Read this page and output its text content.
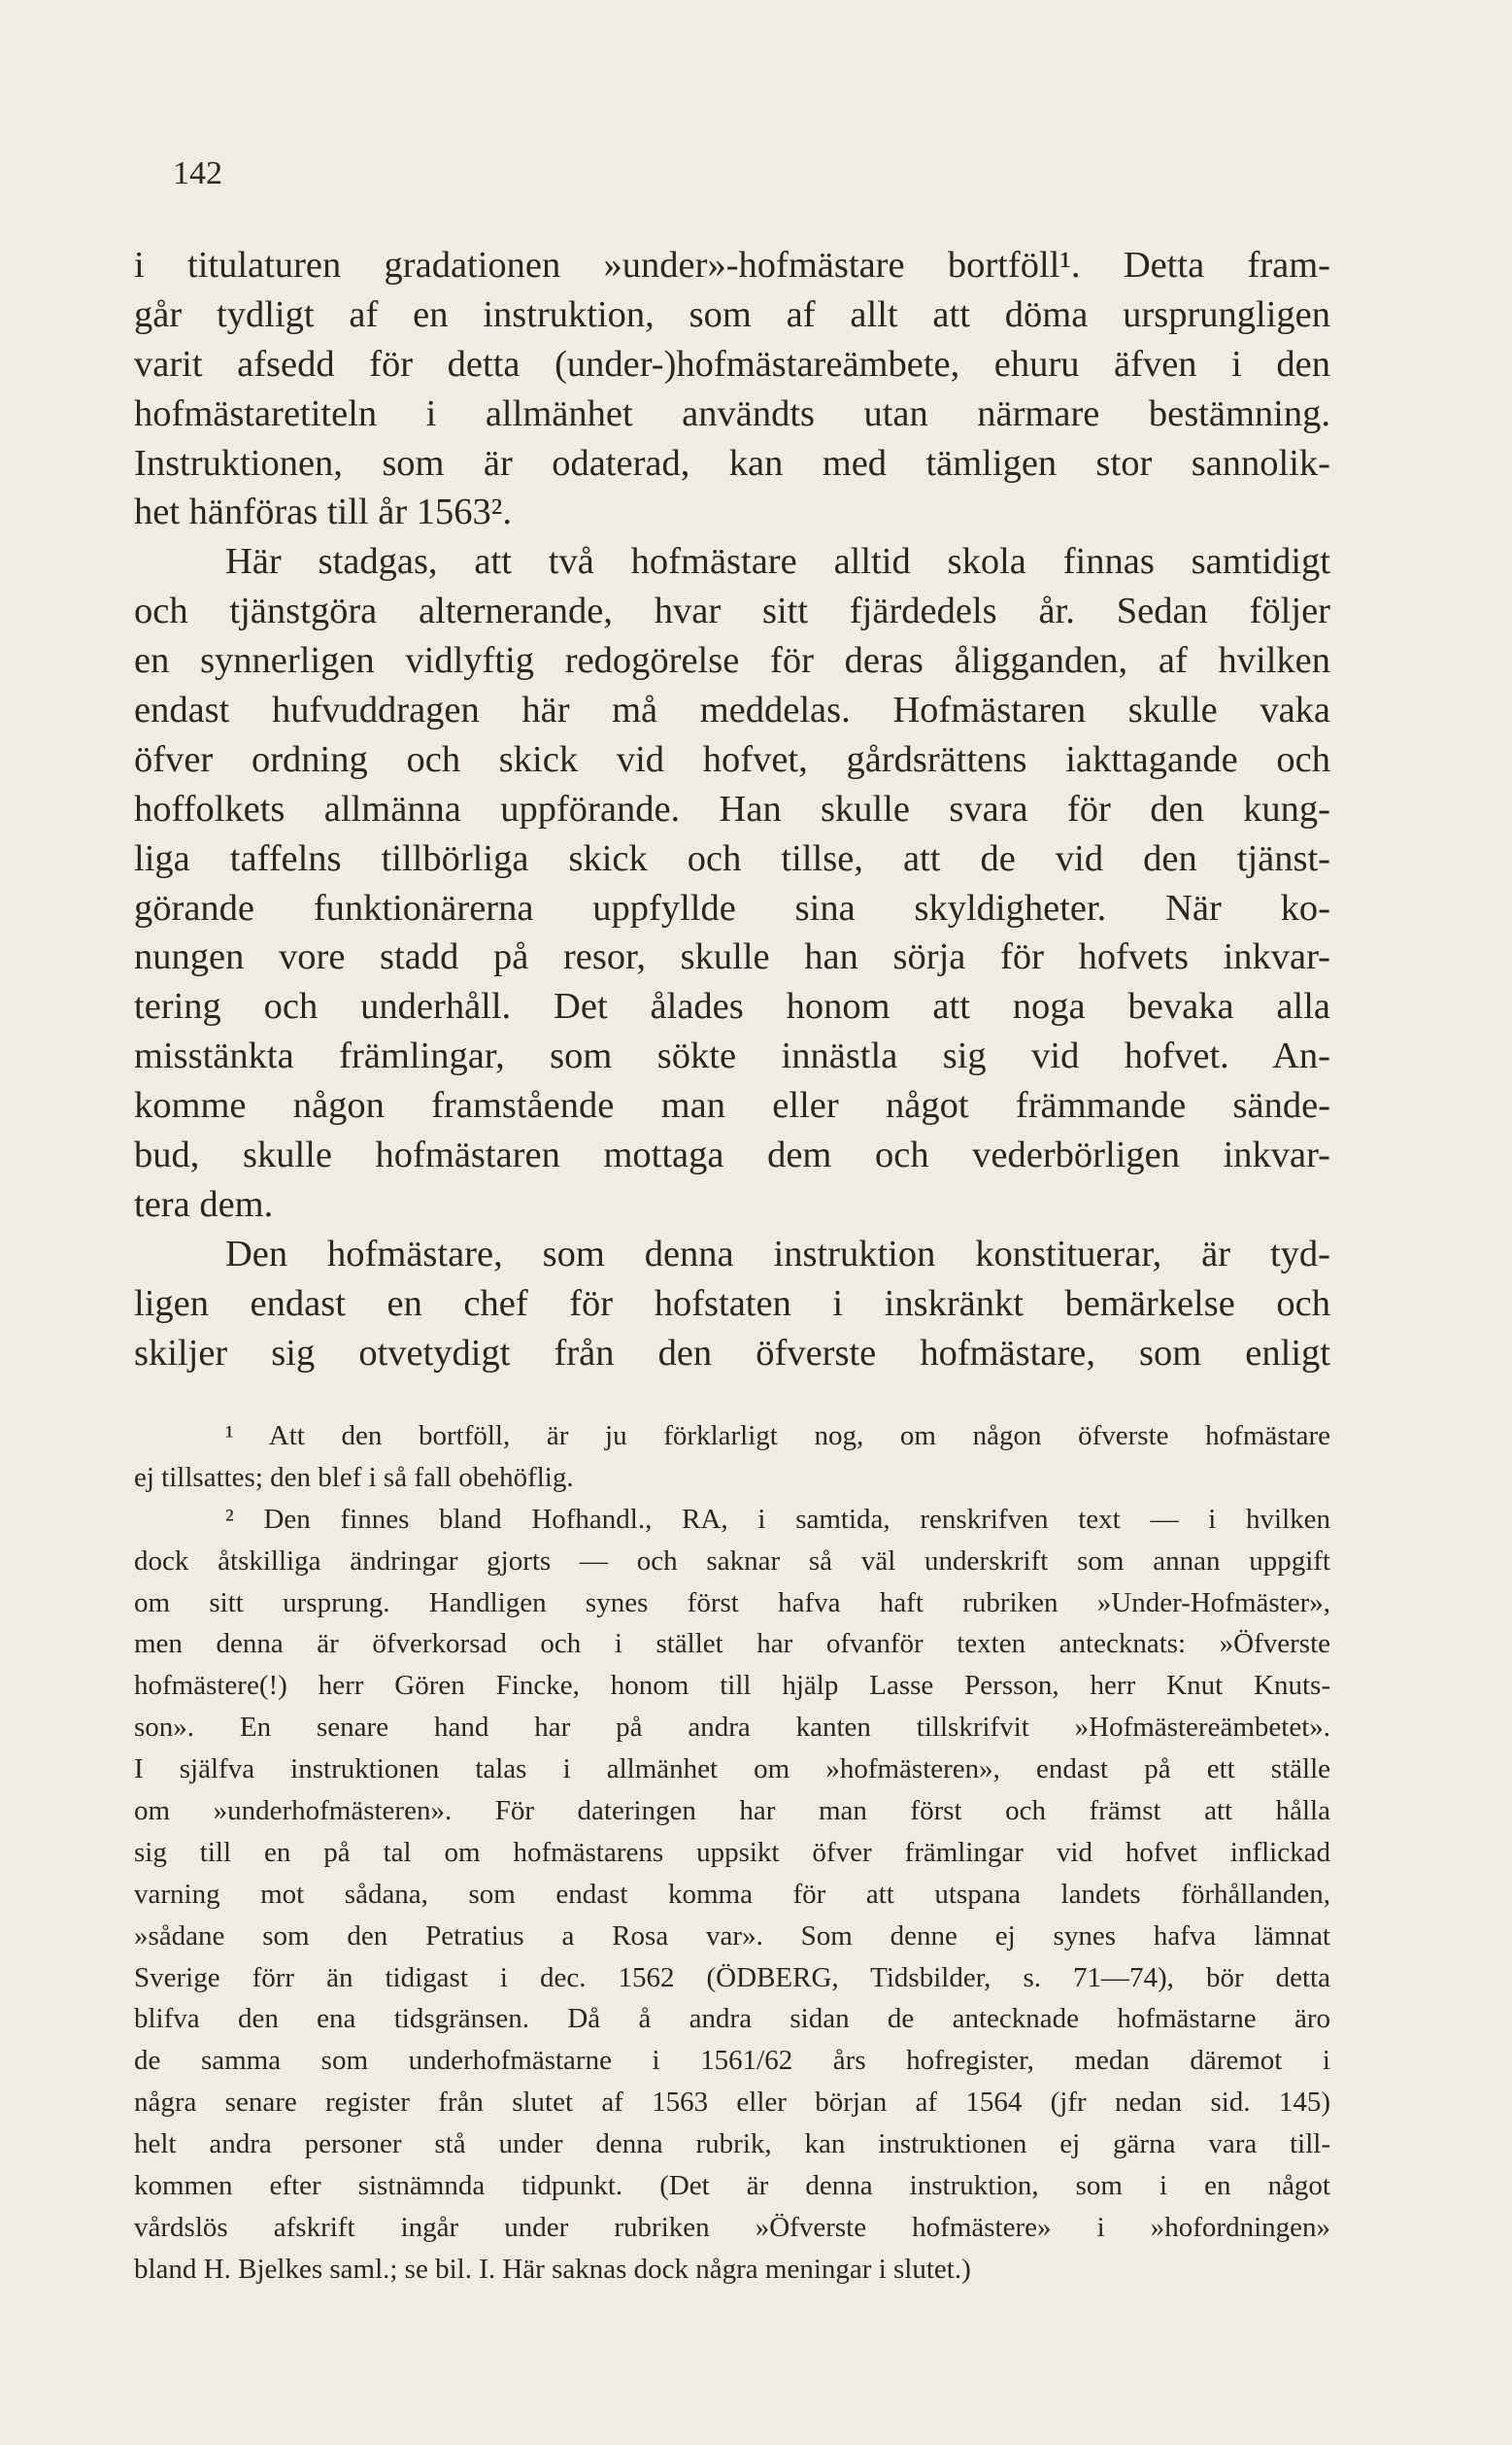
142
i titulaturen gradationen »under»-hofmästare bortföll¹. Detta fram-
går tydligt af en instruktion, som af allt att döma ursprungligen
varit afsedd för detta (under-)hofmästareämbete, ehuru äfven i den
hofmästaretiteln i allmänhet användts utan närmare bestämning.
Instruktionen, som är odaterad, kan med tämligen stor sannolik-
het hänföras till år 1563².
Här stadgas, att två hofmästare alltid skola finnas samtidigt
och tjänstgöra alternerande, hvar sitt fjärdedels år. Sedan följer
en synnerligen vidlyftig redogörelse för deras åligganden, af hvilken
endast hufvuddragen här må meddelas. Hofmästaren skulle vaka
öfver ordning och skick vid hofvet, gårdsrättens iakttagande och
hoffolkets allmänna uppförande. Han skulle svara för den kung-
liga taffelns tillbörliga skick och tillse, att de vid den tjänst-
görande funktionärerna uppfyllde sina skyldigheter. När ko-
nungen vore stadd på resor, skulle han sörja för hofvets inkvar-
tering och underhåll. Det ålades honom att noga bevaka alla
misstänkta främlingar, som sökte innästla sig vid hofvet. An-
komme någon framstående man eller något främmande sände-
bud, skulle hofmästaren mottaga dem och vederbörligen inkvar-
tera dem.
Den hofmästare, som denna instruktion konstituerar, är tyd-
ligen endast en chef för hofstaten i inskränkt bemärkelse och
skiljer sig otvetydigt från den öfverste hofmästare, som enligt
¹ Att den bortföll, är ju förklarligt nog, om någon öfverste hofmästare
ej tillsattes; den blef i så fall obehöflig.
² Den finnes bland Hofhandl., RA, i samtida, renskrifven text — i hvilken
dock åtskilliga ändringar gjorts — och saknar så väl underskrift som annan uppgift
om sitt ursprung. Handligen synes först hafva haft rubriken »Under-Hofmäster»,
men denna är öfverkorsad och i stället har ofvanför texten antecknats: »Öfverste
hofmästere(!) herr Gören Fincke, honom till hjälp Lasse Persson, herr Knut Knuts-
son». En senare hand har på andra kanten tillskrifvit »Hofmästereämbetet».
I själfva instruktionen talas i allmänhet om »hofmästeren», endast på ett ställe
om »underhofmästeren». För dateringen har man först och främst att hålla
sig till en på tal om hofmästarens uppsikt öfver främlingar vid hofvet inflickad
varning mot sådana, som endast komma för att utspana landets förhållanden,
»sådane som den Petratius a Rosa var». Som denne ej synes hafva lämnat
Sverige förr än tidigast i dec. 1562 (ÖDBERG, Tidsbilder, s. 71—74), bör detta
blifva den ena tidsgränsen. Då å andra sidan de antecknade hofmästarne äro
de samma som underhofmästarne i 1561/62 års hofregister, medan däremot i
några senare register från slutet af 1563 eller början af 1564 (jfr nedan sid. 145)
helt andra personer stå under denna rubrik, kan instruktionen ej gärna vara till-
kommen efter sistnämnda tidpunkt. (Det är denna instruktion, som i en något
vårdslös afskrift ingår under rubriken »Öfverste hofmästere» i »hofordningen»
bland H. Bjelkes saml.; se bil. I. Här saknas dock några meningar i slutet.)
